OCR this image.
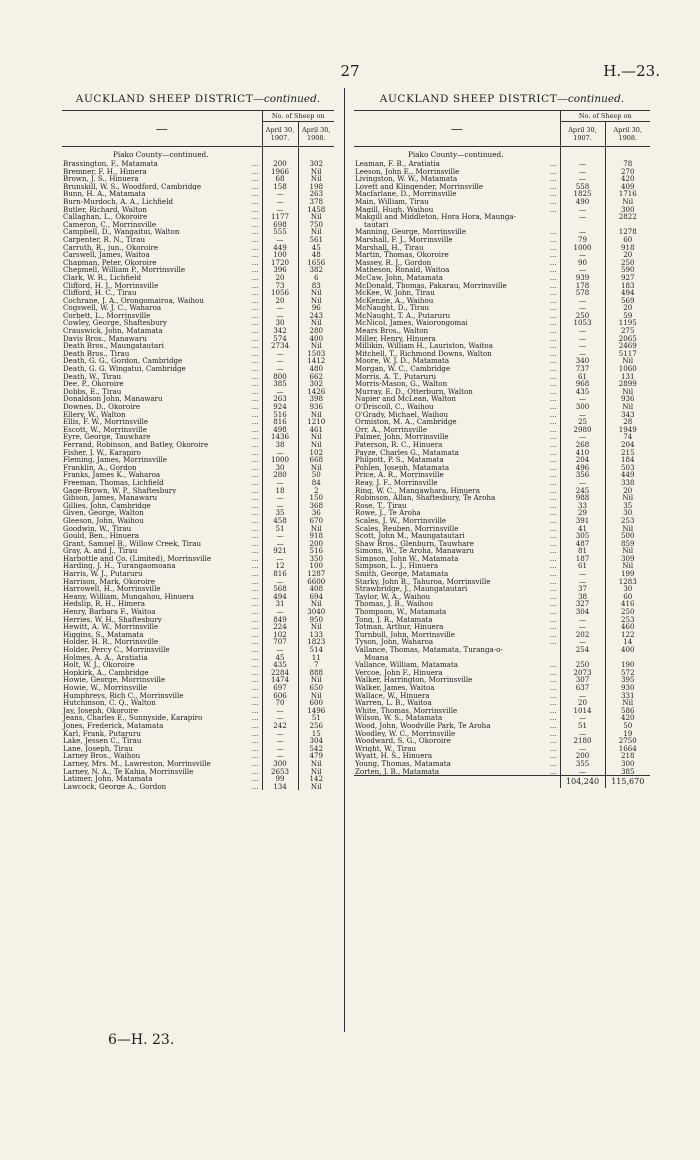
27	H.—23.
AUCKLAND SHEEP DISTRICT—continued.
—		No. of Sheep on	
		April 30, 1907.	April 30, 1908.
Piako County—continued.			
Brassington, F., Matamata	...	200	302
Bremner, F. H., Himera	...	1966	Nil
Brown, J. S., Hinuera	...	68	Nil
Brunskill, W. S., Woodford, Cambridge	...	158	198
Bunn, H. A., Matamata	...	—	263
Burn-Murdoch, A. A., Lichfield	...	—	378
Butler, Richard, Walton	...	—	1458
Callaghan, L., Okoroire	...	1177	Nil
Cameron, C., Morrinsville	...	698	750
Campbell, D., Wangaitui, Walton	...	555	Nil
Carpenter, R. N., Tirau	...	—	561
Carruth, R., jun., Okoroire	...	449	45
Carswell, James, Waitoa	...	100	48
Chapman, Peter, Okoroire	...	1720	1656
Chepmell, William P., Morrinsville	...	396	382
Clark, W. R., Lichfield	...	20	6
Clifford, H. J., Morrinsville	...	73	83
Clifford, H. C., Tirau	...	1056	Nil
Cochrane, J. A., Orongomairoa, Waihou	...	20	Nil
Cogswell, W. J. C., Waharoa	...	—	96
Corbett, L., Morrinsville	...	—	243
Cowley, George, Shaftesbury	...	30	Nil
Crauswick, John, Matamata	...	342	280
Davis Bros., Manawaru	...	574	400
Death Bros., Maungatautari	...	2734	Nil
Death Bros., Tirau	...	—	1503
Death, G. G., Gordon, Cambridge	...	—	1412
Death, G. G. Wingatui, Cambridge	...	—	480
Death, W., Tirau	...	800	662
Dee, P., Okoroire	...	385	302
Dobbs, E., Tirau	...	—	1426
Donaldson John, Manawaru	...	263	398
Downes, D., Okoroire	...	924	936
Ellery, W., Walton	...	516	Nil
Ellis, F. W., Morrinsville	...	816	1210
Escott, W., Morrinsville	...	498	461
Eyre, George, Tauwhare	...	1436	Nil
Ferrand, Robinson, and Batley, Okoroire	...	38	Nil
Fisher, J. W., Karapiro	...	—	102
Fleming, James, Morrinsville	...	1000	668
Franklin, A., Gordon	...	30	Nil
Franks, James K., Waharoa	...	280	50
Freeman, Thomas, Lichfield	...	—	84
Gage-Brown, W. P., Shaftesbury	...	18	2
Gibson, James, Manawaru	...	—	150
Gillies, John, Cambridge	...	—	368
Given, George, Walton	...	35	36
Gleeson, John, Waihou	...	458	670
Goodwin, W., Tirau	...	51	Nil
Gould, Ben., Hinuera	...	—	918
Grant, Samuel B., Willow Creek, Tirau	...	—	200
Gray, A. and J., Tirau	...	921	516
Harbottle and Co. (Limited), Morrinsville	...	—	350
Harding, J. H., Turangaomoana	...	12	100
Harris, W. J., Putaruru	...	816	1287
Harrison, Mark, Okoroire	...	—	6600
Harrowell, H., Morrinsville	...	568	408
Heany, William, Mungahou, Hinuera	...	494	694
Hedslip, R. H., Himera	...	31	Nil
Henry, Barbara F., Waitoa	...	—	3040
Herries, W. H., Shaftesbury	...	849	950
Hewitt, A. W., Morrinsville	...	224	Nil
Higgins, S., Matamata	...	102	133
Holder, H. R., Morrinsville	...	707	1823
Holder, Percy C., Morrinsville	...	—	514
Holmes, A. A., Aratiatia	...	45	11
Holt, W. J., Okoroire	...	435	7
Hopkirk, A., Cambridge	...	2284	888
Howie, George, Morrinsville	...	1474	Nil
Howie, W., Morrinsville	...	697	650
Humphreys, Rich C., Morrinsville	...	606	Nil
Hutchinson, C. Q., Walton	...	70	600
Jay, Joseph, Okoroire	...	—	1496
Jeans, Charles E., Sunnyside, Karapiro	...	—	51
Jones, Frederick, Matamata	...	242	256
Karl, Frank, Putaruru	...	—	15
Lake, Jessen C., Tirau	...	—	304
Lane, Joseph, Tirau	...	—	542
Larney Bros., Waihou	...	—	479
Larney, Mrs. M., Lawreston, Morrinsville	...	300	Nil
Larney, N. A., Te Kahia, Morrinsville	...	2653	Nil
Latimer, John, Matamata	...	99	142
Lawcock, George A., Gordon	...	134	Nil
AUCKLAND SHEEP DISTRICT—continued.
—		No. of Sheep on	
		April 30, 1907.	April 30, 1908.
Piako County—continued.			
Leaman, F. B., Aratiatia	...	—	78
Leeson, John E., Morrinsville	...	—	270
Livingston, W. W., Matamata	...	—	420
Lovett and Klingender, Morrinsville	...	558	409
Macfarlane, D., Morrinsville	...	1825	1716
Main, William, Tirau	...	490	Nil
Magill, Hugh, Waihou	...	—	300
Makgill and Middleton, Hora Hora, Maunga-		—	2822
tautari			
Manning, George, Morrinsville	...	—	1278
Marshall, F. J., Morrinsville	...	79	60
Marshall, H., Tirau	...	1000	918
Martin, Thomas, Okoroire	...	—	20
Massey, R. J., Gordon	...	90	250
Matheson, Ronald, Waitoa	...	—	590
McCaw, John, Matamata	...	939	927
McDonald, Thomas, Pakarau, Morrinsville	...	178	183
McKee, W. John, Tirau	...	578	494
McKenzie, A., Waihou	...	—	569
McNaught, D., Tirau	...	—	20
McNaught, T. A., Putaruru	...	250	59
McNicol, James, Waiorongomai	...	1053	1195
Mears Bros., Walton	...	—	275
Miller, Henry, Hinuera	...	—	2065
Millikin, William H., Lauriston, Waitoa	...	—	2469
Mitchell, T., Richmond Downs, Walton	...	—	5117
Moore, W. J. D., Matamata	...	340	Nil
Morgan, W. C., Cambridge	...	737	1060
Morris, A. T., Putaruru	...	61	131
Morris-Mason, G., Walton	...	968	2899
Murray, E. D., Otterburn, Walton	...	435	Nil
Napier and McLean, Walton	...	—	936
O'Driscoll, C., Waihou	...	300	Nil
O'Grady, Michael, Waihou	...	—	343
Ormiston, M. A., Cambridge	...	25	28
Orr, A., Morrinsville	...	2980	1949
Palmer, John, Morrinsville	...	—	74
Paterson, R. C., Hinuera	...	268	204
Payze, Charles G., Matamata	...	410	215
Philpott, P. S., Matamata	...	204	184
Pohlen, Joseph, Matamata	...	496	503
Price, A. R., Morrinsville	...	356	449
Reay, J. F., Morrinsville	...	—	338
Ring, W. C., Mangawhara, Hinuera	...	245	20
Robinson, Allan, Shaftesbury, Te Aroha	...	988	Nil
Rose, T., Tirau	...	33	35
Rowe, J., Te Aroha	...	29	30
Scales, J. W., Morrinsville	...	391	253
Scales, Reuben, Morrinsville	...	41	Nil
Scott, John M., Maungatautari	...	305	500
Shaw Bros., Glenburn, Tauwhare	...	487	859
Simons, W., Te Aroha, Manawaru	...	81	Nil
Simpson, John W., Matamata	...	187	309
Simpson, L. J., Hinuera	...	61	Nil
Smith, George, Matamata	...	—	199
Starky, John B., Tahuroa, Morrinsville	...	—	1283
Strawbridge, J., Maungatautari	...	37	30
Taylor, W. A., Waihou	...	38	60
Thomas, J. B., Waihou	...	327	416
Thompson, W., Matamata	...	304	250
Tong, J. R., Matamata	...	—	253
Totman, Arthur, Hinuera	...	—	460
Turnbull, John, Morrinsville	...	202	122
Tyson, John, Waharoa	...	—	14
Vallance, Thomas, Matamata, Turanga-o-		254	400
Moana			
Vallance, William, Matamata	...	250	190
Vercoe, John F., Hinuera	...	2073	572
Walker, Harrington, Morrinsville	...	307	395
Walker, James, Waitoa	...	637	930
Wallace, W., Hinuera	...	—	331
Warren, L. B., Waitoa	...	20	Nil
White, Thomas, Morrinsville	...	1014	586
Wilson, W. S., Matamata	...	—	420
Wood, John, Woodville Park, Te Aroha	...	51	50
Woodley, W. C., Morrinsville	...	—	19
Woodward, S. G., Okoroire	...	2180	2750
Wright, W., Tirau	...	—	1664
Wyatt, H. S., Hinuera	...	200	218
Young, Thomas, Matamata	...	355	300
Zorten, J. B., Matamata	...	—	385
		104,240	115,670
6—H. 23.
